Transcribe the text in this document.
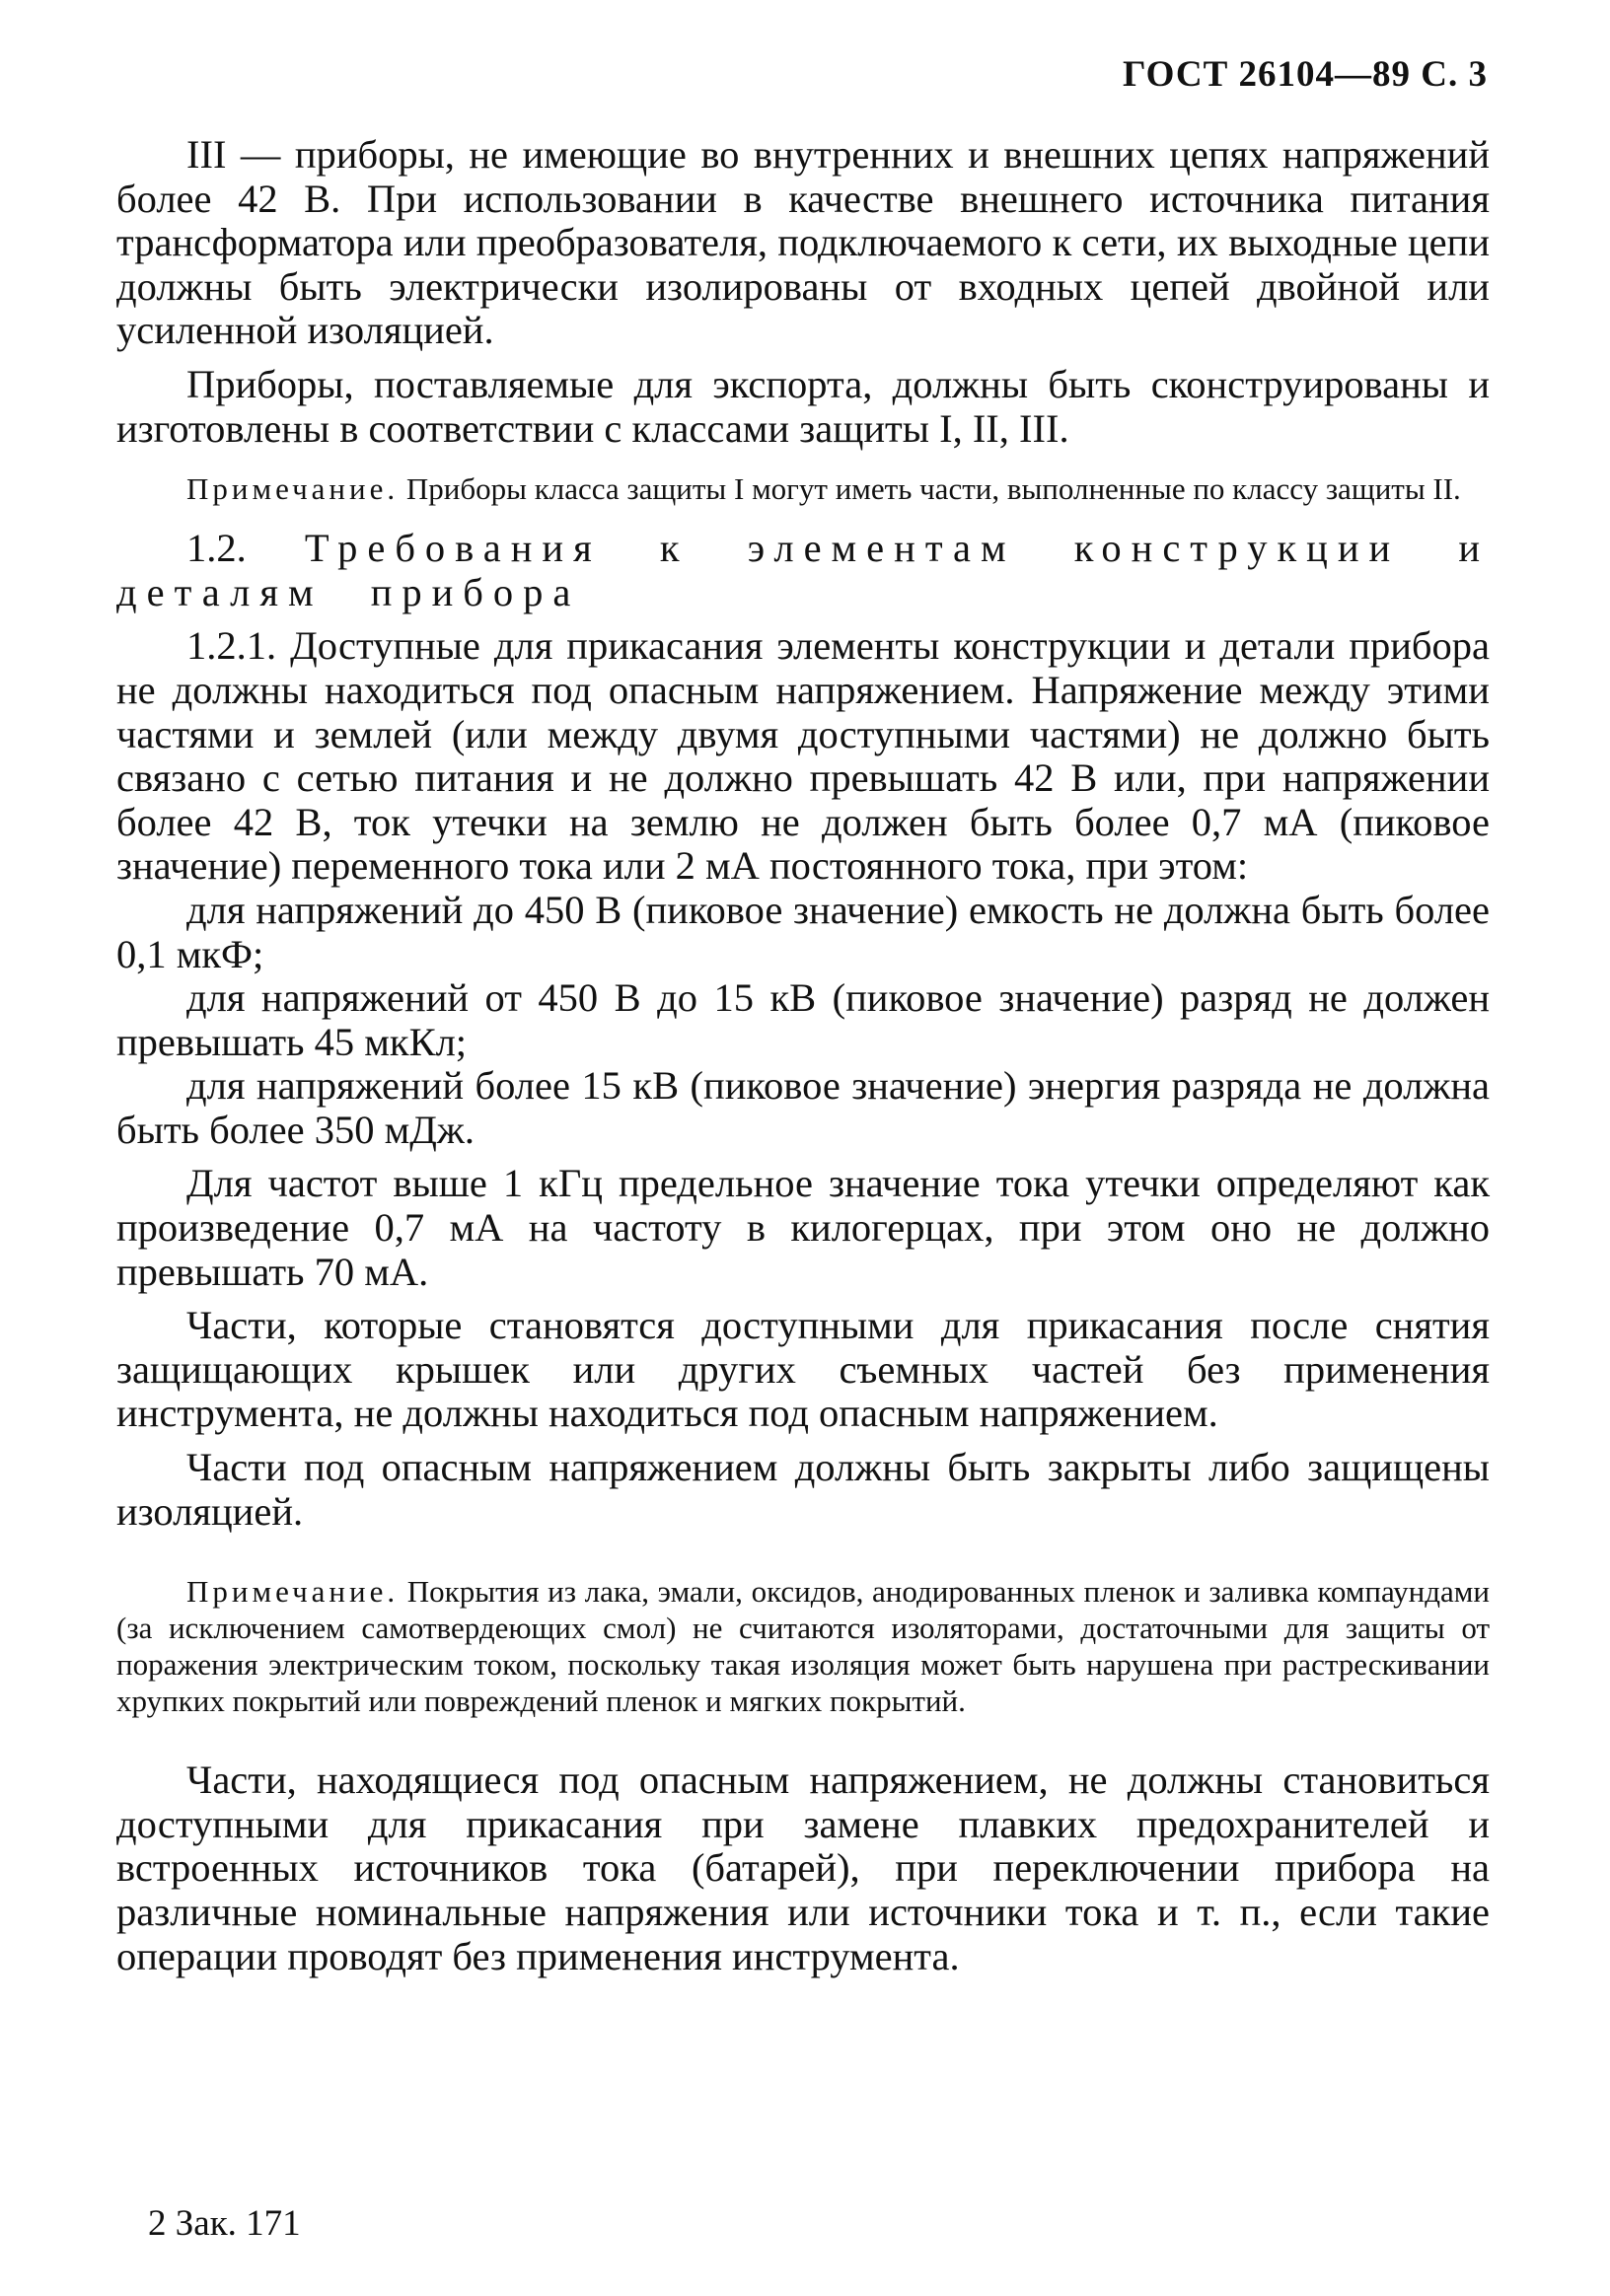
ГОСТ 26104—89 С. 3

III — приборы, не имеющие во внутренних и внешних цепях напряжений более 42 В. При использовании в качестве внешнего источника питания трансформатора или преобразователя, подключаемого к сети, их выходные цепи должны быть электрически изолированы от входных цепей двойной или усиленной изоляцией.

Приборы, поставляемые для экспорта, должны быть сконструированы и изготовлены в соответствии с классами защиты I, II, III.

Примечание. Приборы класса защиты I могут иметь части, выполненные по классу защиты II.

1.2. Требования к элементам конструкции и деталям прибора

1.2.1. Доступные для прикасания элементы конструкции и детали прибора не должны находиться под опасным напряжением. Напряжение между этими частями и землей (или между двумя доступными частями) не должно быть связано с сетью питания и не должно превышать 42 В или, при напряжении более 42 В, ток утечки на землю не должен быть более 0,7 мА (пиковое значение) переменного тока или 2 мА постоянного тока, при этом:

для напряжений до 450 В (пиковое значение) емкость не должна быть более 0,1 мкФ;

для напряжений от 450 В до 15 кВ (пиковое значение) разряд не должен превышать 45 мкКл;

для напряжений более 15 кВ (пиковое значение) энергия разряда не должна быть более 350 мДж.

Для частот выше 1 кГц предельное значение тока утечки определяют как произведение 0,7 мА на частоту в килогерцах, при этом оно не должно превышать 70 мА.

Части, которые становятся доступными для прикасания после снятия защищающих крышек или других съемных частей без применения инструмента, не должны находиться под опасным напряжением.

Части под опасным напряжением должны быть закрыты либо защищены изоляцией.

Примечание. Покрытия из лака, эмали, оксидов, анодированных пленок и заливка компаундами (за исключением самотвердеющих смол) не считаются изоляторами, достаточными для защиты от поражения электрическим током, поскольку такая изоляция может быть нарушена при растрескивании хрупких покрытий или повреждений пленок и мягких покрытий.

Части, находящиеся под опасным напряжением, не должны становиться доступными для прикасания при замене плавких предохранителей и встроенных источников тока (батарей), при переключении прибора на различные номинальные напряжения или источники тока и т. п., если такие операции проводят без применения инструмента.

2 Зак. 171
